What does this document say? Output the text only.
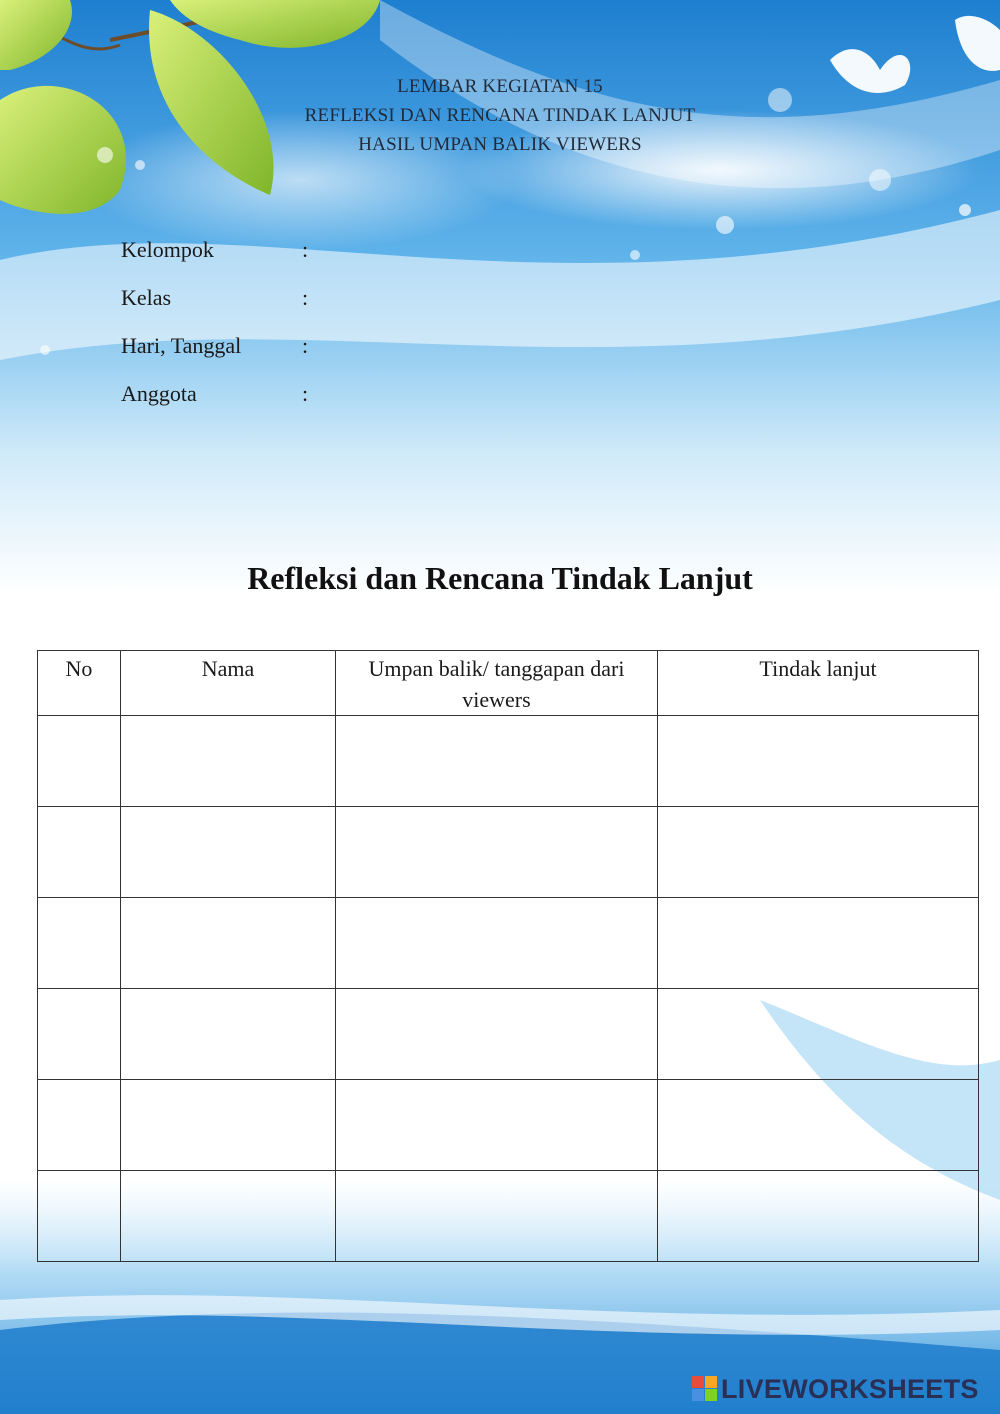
LEMBAR KEGIATAN 15
REFLEKSI DAN RENCANA TINDAK LANJUT
HASIL UMPAN BALIK VIEWERS
Kelompok	:
Kelas	:
Hari, Tanggal	:
Anggota	:
Refleksi dan Rencana Tindak Lanjut
No	Nama	Umpan balik/ tanggapan dari viewers	Tindak lanjut

LIVEWORKSHEETS
